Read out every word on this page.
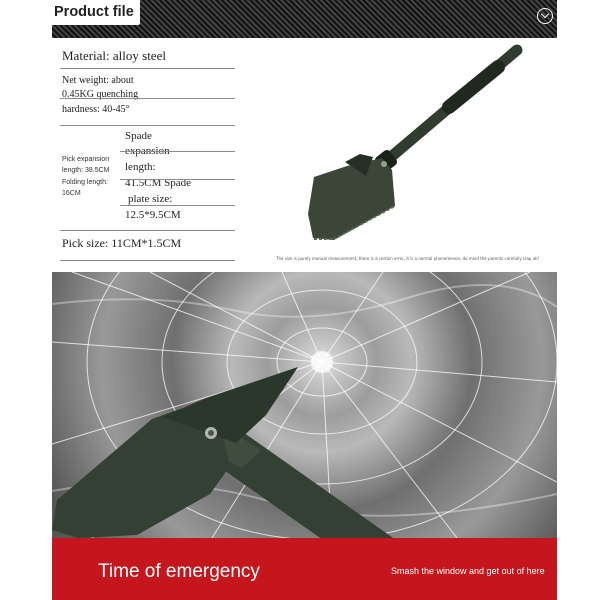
Product file
Material: alloy steel
Net weight: about
0.45KG quenching
hardness: 40-45°
Pick expansion
length: 38.5CM
Folding length:
16CM
Spade
expansion
length:
41.5CM Spade
plate size:
12.5*9.5CM
Pick size: 11CM*1.5CM
The size is purely manual measurement, there is a certain error, it is a normal phenomenon, do mind the parents carefully clap ah!
Time of emergency	Smash the window and get out of here
